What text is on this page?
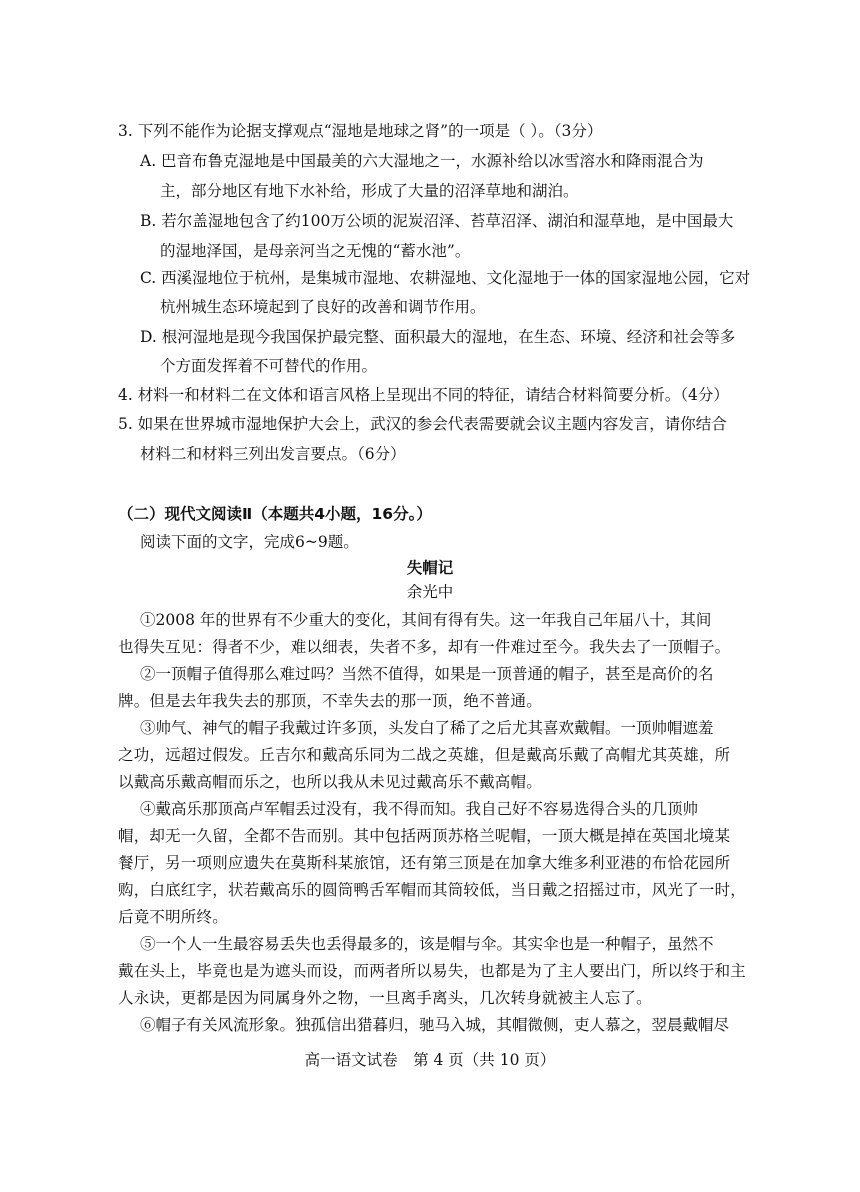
3. 下列不能作为论据支撑观点“湿地是地球之肾”的一项是（ ）。（3分）
A. 巴音布鲁克湿地是中国最美的六大湿地之一，水源补给以冰雪溶水和降雨混合为
主，部分地区有地下水补给，形成了大量的沼泽草地和湖泊。
B. 若尔盖湿地包含了约100万公顷的泥炭沼泽、苔草沼泽、湖泊和湿草地，是中国最大
的湿地泽国，是母亲河当之无愧的“蓄水池”。
C. 西溪湿地位于杭州，是集城市湿地、农耕湿地、文化湿地于一体的国家湿地公园，它对
杭州城生态环境起到了良好的改善和调节作用。
D. 根河湿地是现今我国保护最完整、面积最大的湿地，在生态、环境、经济和社会等多
个方面发挥着不可替代的作用。
4. 材料一和材料二在文体和语言风格上呈现出不同的特征，请结合材料简要分析。（4分）
5. 如果在世界城市湿地保护大会上，武汉的参会代表需要就会议主题内容发言，请你结合
材料二和材料三列出发言要点。（6分）
（二）现代文阅读Ⅱ（本题共4小题，16分。）
阅读下面的文字，完成6~9题。
失帽记
余光中
①2008 年的世界有不少重大的变化，其间有得有失。这一年我自己年届八十，其间
也得失互见：得者不少，难以细表，失者不多，却有一件难过至今。我失去了一顶帽子。
②一顶帽子值得那么难过吗？当然不值得，如果是一顶普通的帽子，甚至是高价的名
牌。但是去年我失去的那顶，不幸失去的那一顶，绝不普通。
③帅气、神气的帽子我戴过许多顶，头发白了稀了之后尤其喜欢戴帽。一顶帅帽遮羞
之功，远超过假发。丘吉尔和戴高乐同为二战之英雄，但是戴高乐戴了高帽尤其英雄，所
以戴高乐戴高帽而乐之，也所以我从未见过戴高乐不戴高帽。
④戴高乐那顶高卢军帽丢过没有，我不得而知。我自己好不容易选得合头的几顶帅
帽，却无一久留，全都不告而别。其中包括两顶苏格兰呢帽，一顶大概是掉在英国北境某
餐厅，另一项则应遗失在莫斯科某旅馆，还有第三顶是在加拿大维多利亚港的布恰花园所
购，白底红字，状若戴高乐的圆筒鸭舌军帽而其筒较低，当日戴之招摇过市，风光了一时，
后竟不明所终。
⑤一个人一生最容易丢失也丢得最多的，该是帽与伞。其实伞也是一种帽子，虽然不
戴在头上，毕竟也是为遮头而设，而两者所以易失，也都是为了主人要出门，所以终于和主
人永诀，更都是因为同属身外之物，一旦离手离头，几次转身就被主人忘了。
⑥帽子有关风流形象。独孤信出猎暮归，驰马入城，其帽微侧，吏人慕之，翌晨戴帽尽
高一语文试卷　第 4 页（共 10 页）
